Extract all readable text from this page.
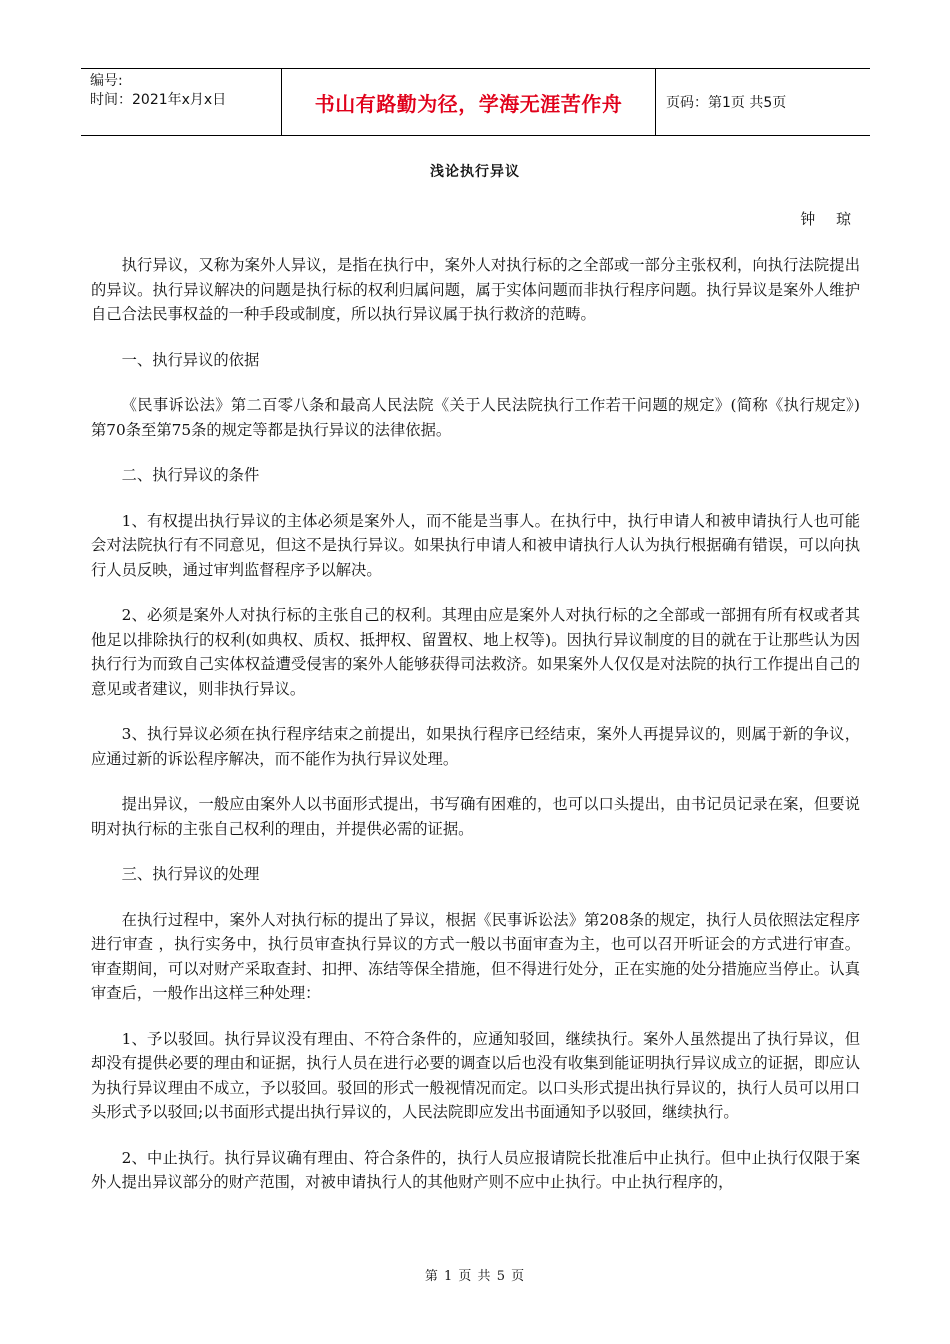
编号:
时间：2021年x月x日	书山有路勤为径，学海无涯苦作舟	页码：第1页 共5页
浅论执行异议
钟 琼

执行异议，又称为案外人异议，是指在执行中，案外人对执行标的之全部或一部分主张权利，向执行法院提出的异议。执行异议解决的问题是执行标的权利归属问题，属于实体问题而非执行程序问题。执行异议是案外人维护自己合法民事权益的一种手段或制度，所以执行异议属于执行救济的范畴。

一、执行异议的依据

《民事诉讼法》第二百零八条和最高人民法院《关于人民法院执行工作若干问题的规定》(简称《执行规定》)第70条至第75条的规定等都是执行异议的法律依据。

二、执行异议的条件

1、有权提出执行异议的主体必须是案外人，而不能是当事人。在执行中，执行申请人和被申请执行人也可能会对法院执行有不同意见，但这不是执行异议。如果执行申请人和被申请执行人认为执行根据确有错误，可以向执行人员反映，通过审判监督程序予以解决。

2、必须是案外人对执行标的主张自己的权利。其理由应是案外人对执行标的之全部或一部拥有所有权或者其他足以排除执行的权利(如典权、质权、抵押权、留置权、地上权等)。因执行异议制度的目的就在于让那些认为因执行行为而致自己实体权益遭受侵害的案外人能够获得司法救济。如果案外人仅仅是对法院的执行工作提出自己的意见或者建议，则非执行异议。

3、执行异议必须在执行程序结束之前提出，如果执行程序已经结束，案外人再提异议的，则属于新的争议，应通过新的诉讼程序解决，而不能作为执行异议处理。

提出异议，一般应由案外人以书面形式提出，书写确有困难的，也可以口头提出，由书记员记录在案，但要说明对执行标的主张自己权利的理由，并提供必需的证据。

三、执行异议的处理

在执行过程中，案外人对执行标的提出了异议，根据《民事诉讼法》第208条的规定，执行人员依照法定程序进行审查 ，执行实务中，执行员审查执行异议的方式一般以书面审查为主，也可以召开听证会的方式进行审查。审查期间，可以对财产采取查封、扣押、冻结等保全措施，但不得进行处分，正在实施的处分措施应当停止。认真审查后，一般作出这样三种处理：

1、予以驳回。执行异议没有理由、不符合条件的，应通知驳回，继续执行。案外人虽然提出了执行异议，但却没有提供必要的理由和证据，执行人员在进行必要的调查以后也没有收集到能证明执行异议成立的证据，即应认为执行异议理由不成立，予以驳回。驳回的形式一般视情况而定。以口头形式提出执行异议的，执行人员可以用口头形式予以驳回;以书面形式提出执行异议的，人民法院即应发出书面通知予以驳回，继续执行。

2、中止执行。执行异议确有理由、符合条件的，执行人员应报请院长批准后中止执行。但中止执行仅限于案外人提出异议部分的财产范围，对被申请执行人的其他财产则不应中止执行。中止执行程序的，

第 1 页 共 5 页
